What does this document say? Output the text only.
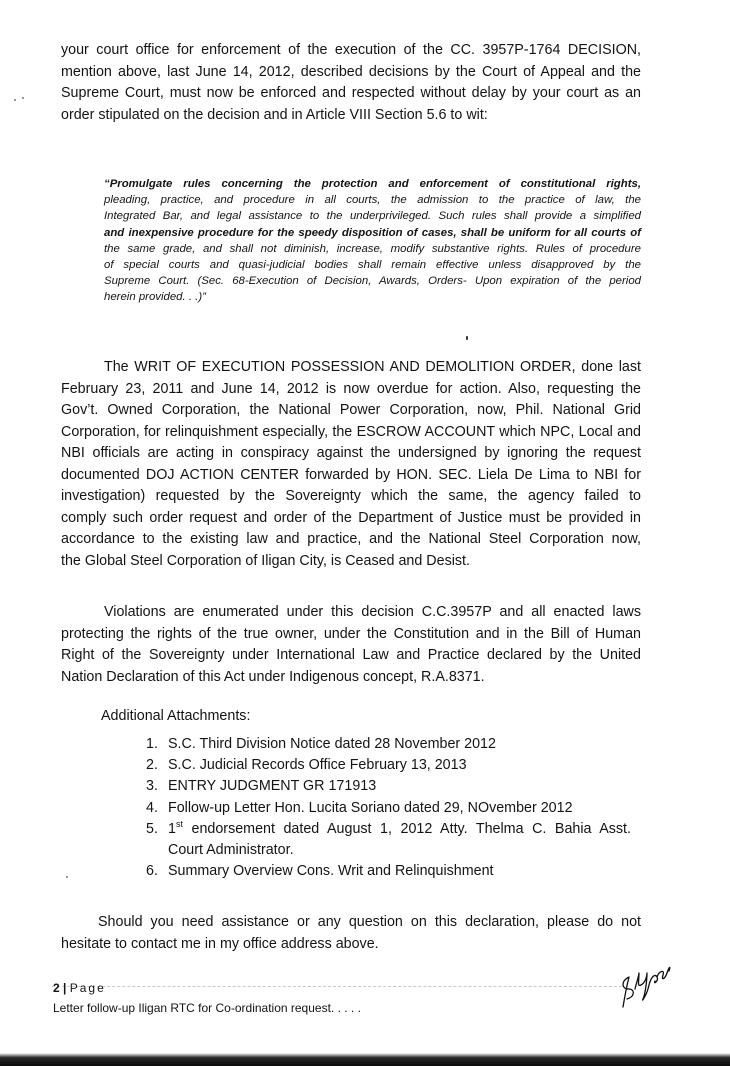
your court office for enforcement of the execution of the CC. 3957P-1764 DECISION,
mention above, last June 14, 2012, described decisions by the Court of Appeal and the
Supreme Court, must now be enforced and respected without delay by your court as an
order stipulated on the decision and in Article VIII Section 5.6 to wit:
“Promulgate rules concerning the protection and enforcement of constitutional rights,
pleading, practice, and procedure in all courts, the admission to the practice of law, the
Integrated Bar, and legal assistance to the underprivileged. Such rules shall provide a simplified
and inexpensive procedure for the speedy disposition of cases, shall be uniform for all courts of
the same grade, and shall not diminish, increase, modify substantive rights. Rules of procedure
of special courts and quasi-judicial bodies shall remain effective unless disapproved by the
Supreme Court. (Sec. 68-Execution of Decision, Awards, Orders- Upon expiration of the period
herein provided. . .)”
The WRIT OF EXECUTION POSSESSION AND DEMOLITION ORDER, done last
February 23, 2011 and June 14, 2012 is now overdue for action. Also, requesting the
Gov’t. Owned Corporation, the National Power Corporation, now, Phil. National Grid
Corporation, for relinquishment especially, the ESCROW ACCOUNT which NPC, Local and
NBI officials are acting in conspiracy against the undersigned by ignoring the request
documented DOJ ACTION CENTER forwarded by HON. SEC. Liela De Lima to NBI for
investigation) requested by the Sovereignty which the same, the agency failed to
comply such order request and order of the Department of Justice must be provided in
accordance to the existing law and practice, and the National Steel Corporation now,
the Global Steel Corporation of Iligan City, is Ceased and Desist.
Violations are enumerated under this decision C.C.3957P and all enacted laws
protecting the rights of the true owner, under the Constitution and in the Bill of Human
Right of the Sovereignty under International Law and Practice declared by the United
Nation Declaration of this Act under Indigenous concept, R.A.8371.
Additional Attachments:
1. S.C. Third Division Notice dated 28 November 2012
2. S.C. Judicial Records Office February 13, 2013
3. ENTRY JUDGMENT GR 171913
4. Follow-up Letter Hon. Lucita Soriano dated 29, NOvember 2012
5. 1st endorsement dated August 1, 2012 Atty. Thelma C. Bahia Asst.
Court Administrator.
6. Summary Overview Cons. Writ and Relinquishment
Should you need assistance or any question on this declaration, please do not
hesitate to contact me in my office address above.
2 | Page
Letter follow-up Iligan RTC for Co-ordination request. . . . .
